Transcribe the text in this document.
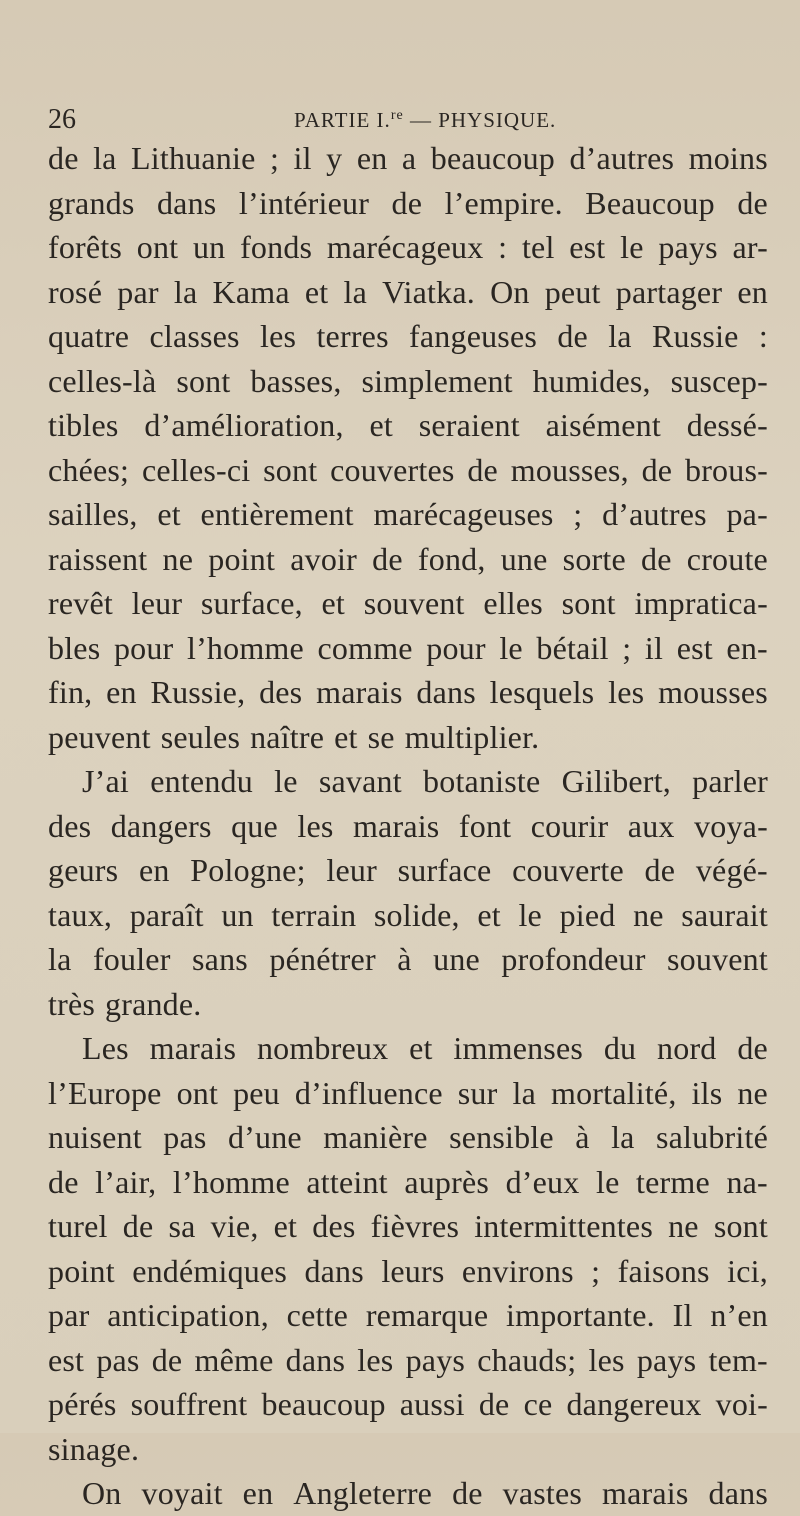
26	PARTIE I.$^{re}$ — PHYSIQUE.
de la Lithuanie ; il y en a beaucoup d’autres moins
grands dans l’intérieur de l’empire. Beaucoup de
forêts ont un fonds marécageux : tel est le pays ar-
rosé par la Kama et la Viatka. On peut partager en
quatre classes les terres fangeuses de la Russie :
celles-là sont basses, simplement humides, suscep-
tibles d’amélioration, et seraient aisément dessé-
chées; celles-ci sont couvertes de mousses, de brous-
sailles, et entièrement marécageuses ; d’autres pa-
raissent ne point avoir de fond, une sorte de croute
revêt leur surface, et souvent elles sont impratica-
bles pour l’homme comme pour le bétail ; il est en-
fin, en Russie, des marais dans lesquels les mousses
peuvent seules naître et se multiplier.
J’ai entendu le savant botaniste Gilibert, parler
des dangers que les marais font courir aux voya-
geurs en Pologne; leur surface couverte de végé-
taux, paraît un terrain solide, et le pied ne saurait
la fouler sans pénétrer à une profondeur souvent
très grande.
Les marais nombreux et immenses du nord de
l’Europe ont peu d’influence sur la mortalité, ils ne
nuisent pas d’une manière sensible à la salubrité
de l’air, l’homme atteint auprès d’eux le terme na-
turel de sa vie, et des fièvres intermittentes ne sont
point endémiques dans leurs environs ; faisons ici,
par anticipation, cette remarque importante. Il n’en
est pas de même dans les pays chauds; les pays tem-
pérés souffrent beaucoup aussi de ce dangereux voi-
sinage.
On voyait en Angleterre de vastes marais dans
